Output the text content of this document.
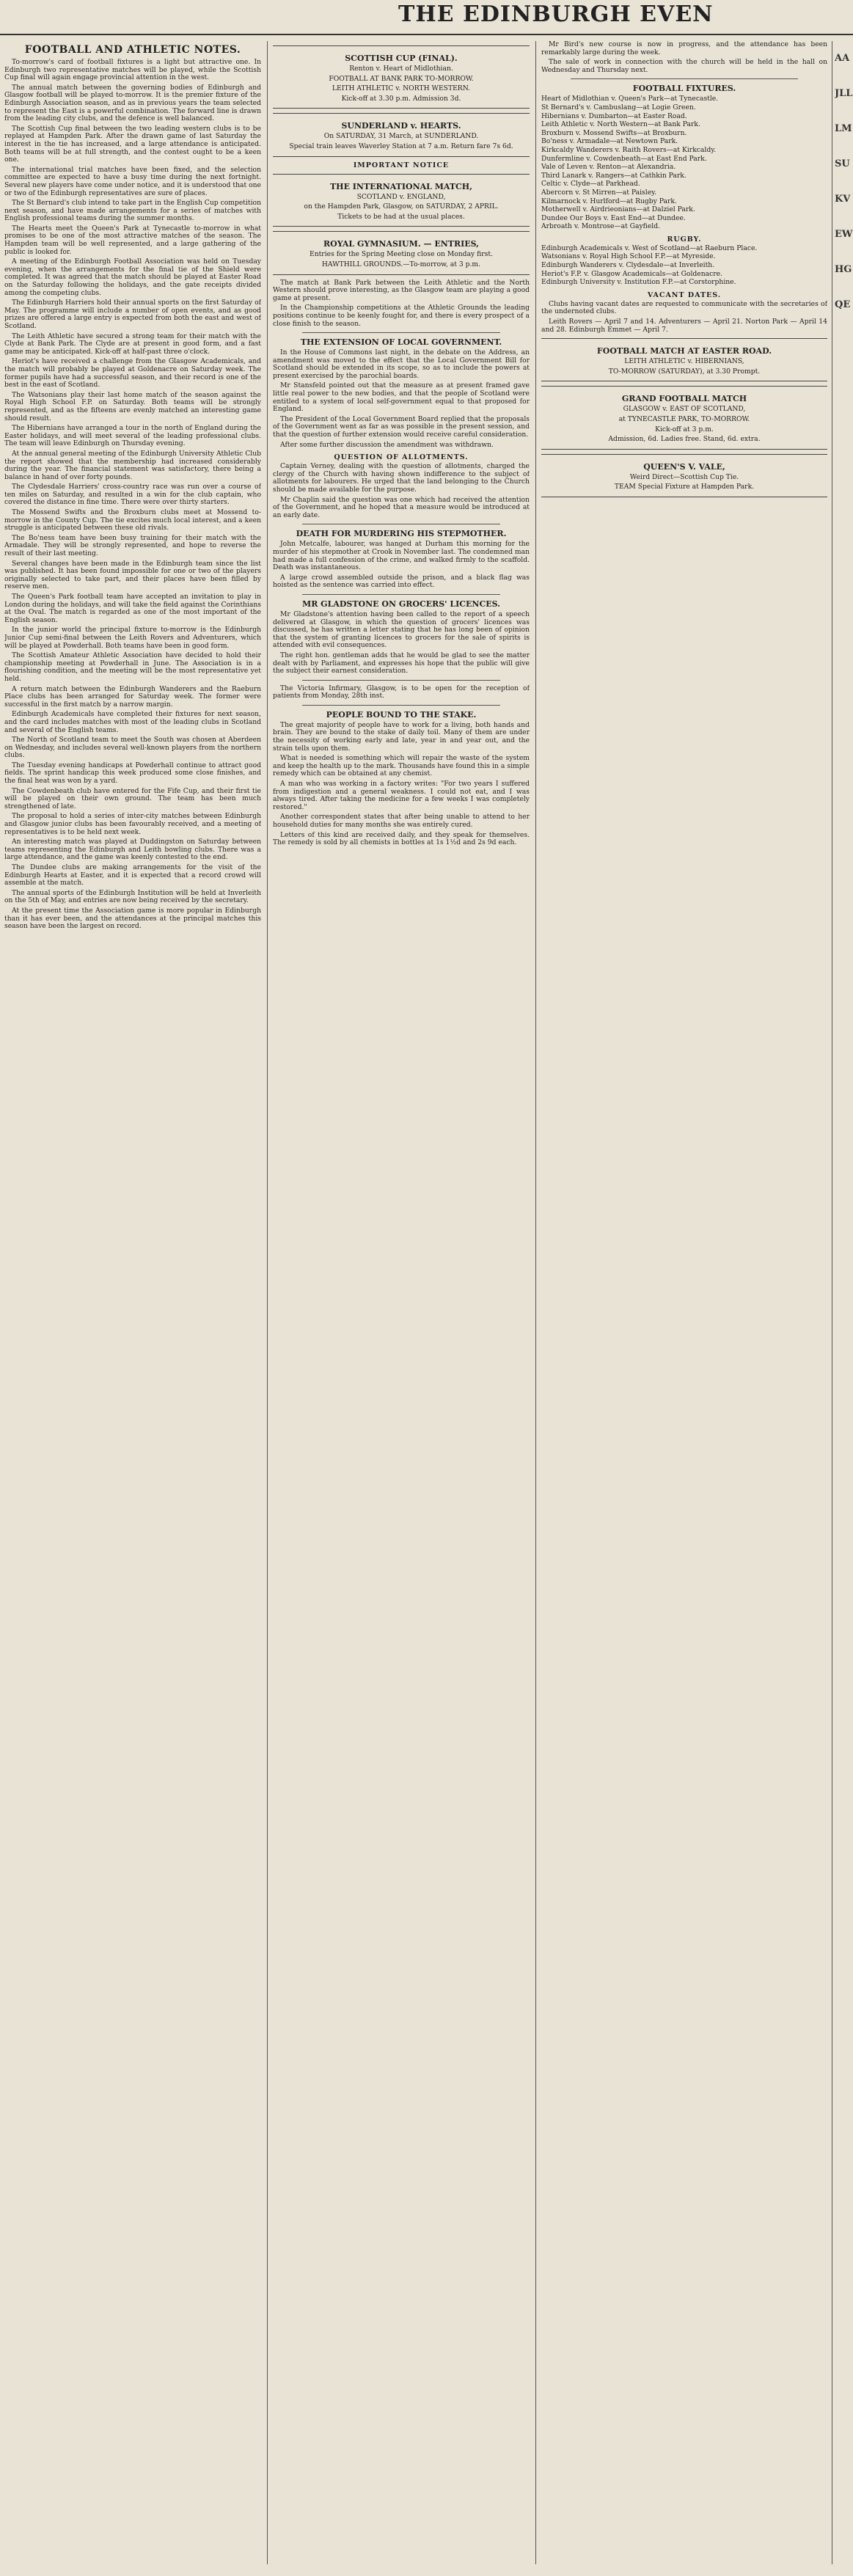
THE EDINBURGH EVEN
FOOTBALL AND ATHLETIC NOTES.

To-morrow's card of football fixtures is a light but attractive one. In Edinburgh two representative matches will be played, while the Scottish Cup final will again engage provincial attention in the west.

The annual match between the governing bodies of Edinburgh and Glasgow football will be played to-morrow. It is the premier fixture of the Edinburgh Association season, and as in previous years the team selected to represent the East is a powerful combination. The forward line is drawn from the leading city clubs, and the defence is well balanced.

The Scottish Cup final between the two leading western clubs is to be replayed at Hampden Park. After the drawn game of last Saturday the interest in the tie has increased, and a large attendance is anticipated. Both teams will be at full strength, and the contest ought to be a keen one.

The international trial matches have been fixed, and the selection committee are expected to have a busy time during the next fortnight. Several new players have come under notice, and it is understood that one or two of the Edinburgh representatives are sure of places.

The St Bernard's club intend to take part in the English Cup competition next season, and have made arrangements for a series of matches with English professional teams during the summer months.

The Hearts meet the Queen's Park at Tynecastle to-morrow in what promises to be one of the most attractive matches of the season. The Hampden team will be well represented, and a large gathering of the public is looked for.

A meeting of the Edinburgh Football Association was held on Tuesday evening, when the arrangements for the final tie of the Shield were completed. It was agreed that the match should be played at Easter Road on the Saturday following the holidays, and the gate receipts divided among the competing clubs.

The Edinburgh Harriers hold their annual sports on the first Saturday of May. The programme will include a number of open events, and as good prizes are offered a large entry is expected from both the east and west of Scotland.

The Leith Athletic have secured a strong team for their match with the Clyde at Bank Park. The Clyde are at present in good form, and a fast game may be anticipated. Kick-off at half-past three o'clock.

Heriot's have received a challenge from the Glasgow Academicals, and the match will probably be played at Goldenacre on Saturday week. The former pupils have had a successful season, and their record is one of the best in the east of Scotland.

The Watsonians play their last home match of the season against the Royal High School F.P. on Saturday. Both teams will be strongly represented, and as the fifteens are evenly matched an interesting game should result.

The Hibernians have arranged a tour in the north of England during the Easter holidays, and will meet several of the leading professional clubs. The team will leave Edinburgh on Thursday evening.

At the annual general meeting of the Edinburgh University Athletic Club the report showed that the membership had increased considerably during the year. The financial statement was satisfactory, there being a balance in hand of over forty pounds.

The Clydesdale Harriers' cross-country race was run over a course of ten miles on Saturday, and resulted in a win for the club captain, who covered the distance in fine time. There were over thirty starters.

The Mossend Swifts and the Broxburn clubs meet at Mossend to-morrow in the County Cup. The tie excites much local interest, and a keen struggle is anticipated between these old rivals.

The Bo'ness team have been busy training for their match with the Armadale. They will be strongly represented, and hope to reverse the result of their last meeting.

Several changes have been made in the Edinburgh team since the list was published. It has been found impossible for one or two of the players originally selected to take part, and their places have been filled by reserve men.

The Queen's Park football team have accepted an invitation to play in London during the holidays, and will take the field against the Corinthians at the Oval. The match is regarded as one of the most important of the English season.

In the junior world the principal fixture to-morrow is the Edinburgh Junior Cup semi-final between the Leith Rovers and Adventurers, which will be played at Powderhall. Both teams have been in good form.

The Scottish Amateur Athletic Association have decided to hold their championship meeting at Powderhall in June. The Association is in a flourishing condition, and the meeting will be the most representative yet held.

A return match between the Edinburgh Wanderers and the Raeburn Place clubs has been arranged for Saturday week. The former were successful in the first match by a narrow margin.

Edinburgh Academicals have completed their fixtures for next season, and the card includes matches with most of the leading clubs in Scotland and several of the English teams.

The North of Scotland team to meet the South was chosen at Aberdeen on Wednesday, and includes several well-known players from the northern clubs.

The Tuesday evening handicaps at Powderhall continue to attract good fields. The sprint handicap this week produced some close finishes, and the final heat was won by a yard.

The Cowdenbeath club have entered for the Fife Cup, and their first tie will be played on their own ground. The team has been much strengthened of late.

The proposal to hold a series of inter-city matches between Edinburgh and Glasgow junior clubs has been favourably received, and a meeting of representatives is to be held next week.

An interesting match was played at Duddingston on Saturday between teams representing the Edinburgh and Leith bowling clubs. There was a large attendance, and the game was keenly contested to the end.

The Dundee clubs are making arrangements for the visit of the Edinburgh Hearts at Easter, and it is expected that a record crowd will assemble at the match.

The annual sports of the Edinburgh Institution will be held at Inverleith on the 5th of May, and entries are now being received by the secretary.

At the present time the Association game is more popular in Edinburgh than it has ever been, and the attendances at the principal matches this season have been the largest on record.

SCOTTISH CUP (FINAL).

Renton v. Heart of Midlothian.

FOOTBALL AT BANK PARK TO-MORROW.

LEITH ATHLETIC v. NORTH WESTERN.

Kick-off at 3.30 p.m. Admission 3d.

SUNDERLAND v. HEARTS.

On SATURDAY, 31 March, at SUNDERLAND.

Special train leaves Waverley Station at 7 a.m. Return fare 7s 6d.

IMPORTANT NOTICE
THE INTERNATIONAL MATCH,

SCOTLAND v. ENGLAND,

on the Hampden Park, Glasgow, on SATURDAY, 2 APRIL.

Tickets to be had at the usual places.

ROYAL GYMNASIUM. — ENTRIES,

Entries for the Spring Meeting close on Monday first.

HAWTHILL GROUNDS.—To-morrow, at 3 p.m.

The match at Bank Park between the Leith Athletic and the North Western should prove interesting, as the Glasgow team are playing a good game at present.

In the Championship competitions at the Athletic Grounds the leading positions continue to be keenly fought for, and there is every prospect of a close finish to the season.

THE EXTENSION OF LOCAL GOVERNMENT.

In the House of Commons last night, in the debate on the Address, an amendment was moved to the effect that the Local Government Bill for Scotland should be extended in its scope, so as to include the powers at present exercised by the parochial boards.

Mr Stansfeld pointed out that the measure as at present framed gave little real power to the new bodies, and that the people of Scotland were entitled to a system of local self-government equal to that proposed for England.

The President of the Local Government Board replied that the proposals of the Government went as far as was possible in the present session, and that the question of further extension would receive careful consideration.

After some further discussion the amendment was withdrawn.

QUESTION OF ALLOTMENTS.

Captain Verney, dealing with the question of allotments, charged the clergy of the Church with having shown indifference to the subject of allotments for labourers. He urged that the land belonging to the Church should be made available for the purpose.

Mr Chaplin said the question was one which had received the attention of the Government, and he hoped that a measure would be introduced at an early date.

DEATH FOR MURDERING HIS STEPMOTHER.

John Metcalfe, labourer, was hanged at Durham this morning for the murder of his stepmother at Crook in November last. The condemned man had made a full confession of the crime, and walked firmly to the scaffold. Death was instantaneous.

A large crowd assembled outside the prison, and a black flag was hoisted as the sentence was carried into effect.

MR GLADSTONE ON GROCERS' LICENCES.

Mr Gladstone's attention having been called to the report of a speech delivered at Glasgow, in which the question of grocers' licences was discussed, he has written a letter stating that he has long been of opinion that the system of granting licences to grocers for the sale of spirits is attended with evil consequences.

The right hon. gentleman adds that he would be glad to see the matter dealt with by Parliament, and expresses his hope that the public will give the subject their earnest consideration.

The Victoria Infirmary, Glasgow, is to be open for the reception of patients from Monday, 28th inst.

PEOPLE BOUND TO THE STAKE.

The great majority of people have to work for a living, both hands and brain. They are bound to the stake of daily toil. Many of them are under the necessity of working early and late, year in and year out, and the strain tells upon them.

What is needed is something which will repair the waste of the system and keep the health up to the mark. Thousands have found this in a simple remedy which can be obtained at any chemist.

A man who was working in a factory writes: "For two years I suffered from indigestion and a general weakness. I could not eat, and I was always tired. After taking the medicine for a few weeks I was completely restored."

Another correspondent states that after being unable to attend to her household duties for many months she was entirely cured.

Letters of this kind are received daily, and they speak for themselves. The remedy is sold by all chemists in bottles at 1s 1½d and 2s 9d each.

Mr Bird's new course is now in progress, and the attendance has been remarkably large during the week.

The sale of work in connection with the church will be held in the hall on Wednesday and Thursday next.

FOOTBALL FIXTURES.

Heart of Midlothian v. Queen's Park—at Tynecastle.

St Bernard's v. Cambuslang—at Logie Green.

Hibernians v. Dumbarton—at Easter Road.

Leith Athletic v. North Western—at Bank Park.

Broxburn v. Mossend Swifts—at Broxburn.

Bo'ness v. Armadale—at Newtown Park.

Kirkcaldy Wanderers v. Raith Rovers—at Kirkcaldy.

Dunfermline v. Cowdenbeath—at East End Park.

Vale of Leven v. Renton—at Alexandria.

Third Lanark v. Rangers—at Cathkin Park.

Celtic v. Clyde—at Parkhead.

Abercorn v. St Mirren—at Paisley.

Kilmarnock v. Hurlford—at Rugby Park.

Motherwell v. Airdrieonians—at Dalziel Park.

Dundee Our Boys v. East End—at Dundee.

Arbroath v. Montrose—at Gayfield.

RUGBY.

Edinburgh Academicals v. West of Scotland—at Raeburn Place.

Watsonians v. Royal High School F.P.—at Myreside.

Edinburgh Wanderers v. Clydesdale—at Inverleith.

Heriot's F.P. v. Glasgow Academicals—at Goldenacre.

Edinburgh University v. Institution F.P.—at Corstorphine.

VACANT DATES.

Clubs having vacant dates are requested to communicate with the secretaries of the undernoted clubs.

Leith Rovers — April 7 and 14. Adventurers — April 21. Norton Park — April 14 and 28. Edinburgh Emmet — April 7.

FOOTBALL MATCH AT EASTER ROAD.

LEITH ATHLETIC v. HIBERNIANS,

TO-MORROW (SATURDAY), at 3.30 Prompt.

GRAND FOOTBALL MATCH

GLASGOW v. EAST OF SCOTLAND,

at TYNECASTLE PARK, TO-MORROW.

Kick-off at 3 p.m.

Admission, 6d. Ladies free. Stand, 6d. extra.

QUEEN'S V. VALE,

Weird Direct—Scottish Cup Tie.

TEAM Special Fixture at Hampden Park.

AAJLLLMSUKVEWHGQE
